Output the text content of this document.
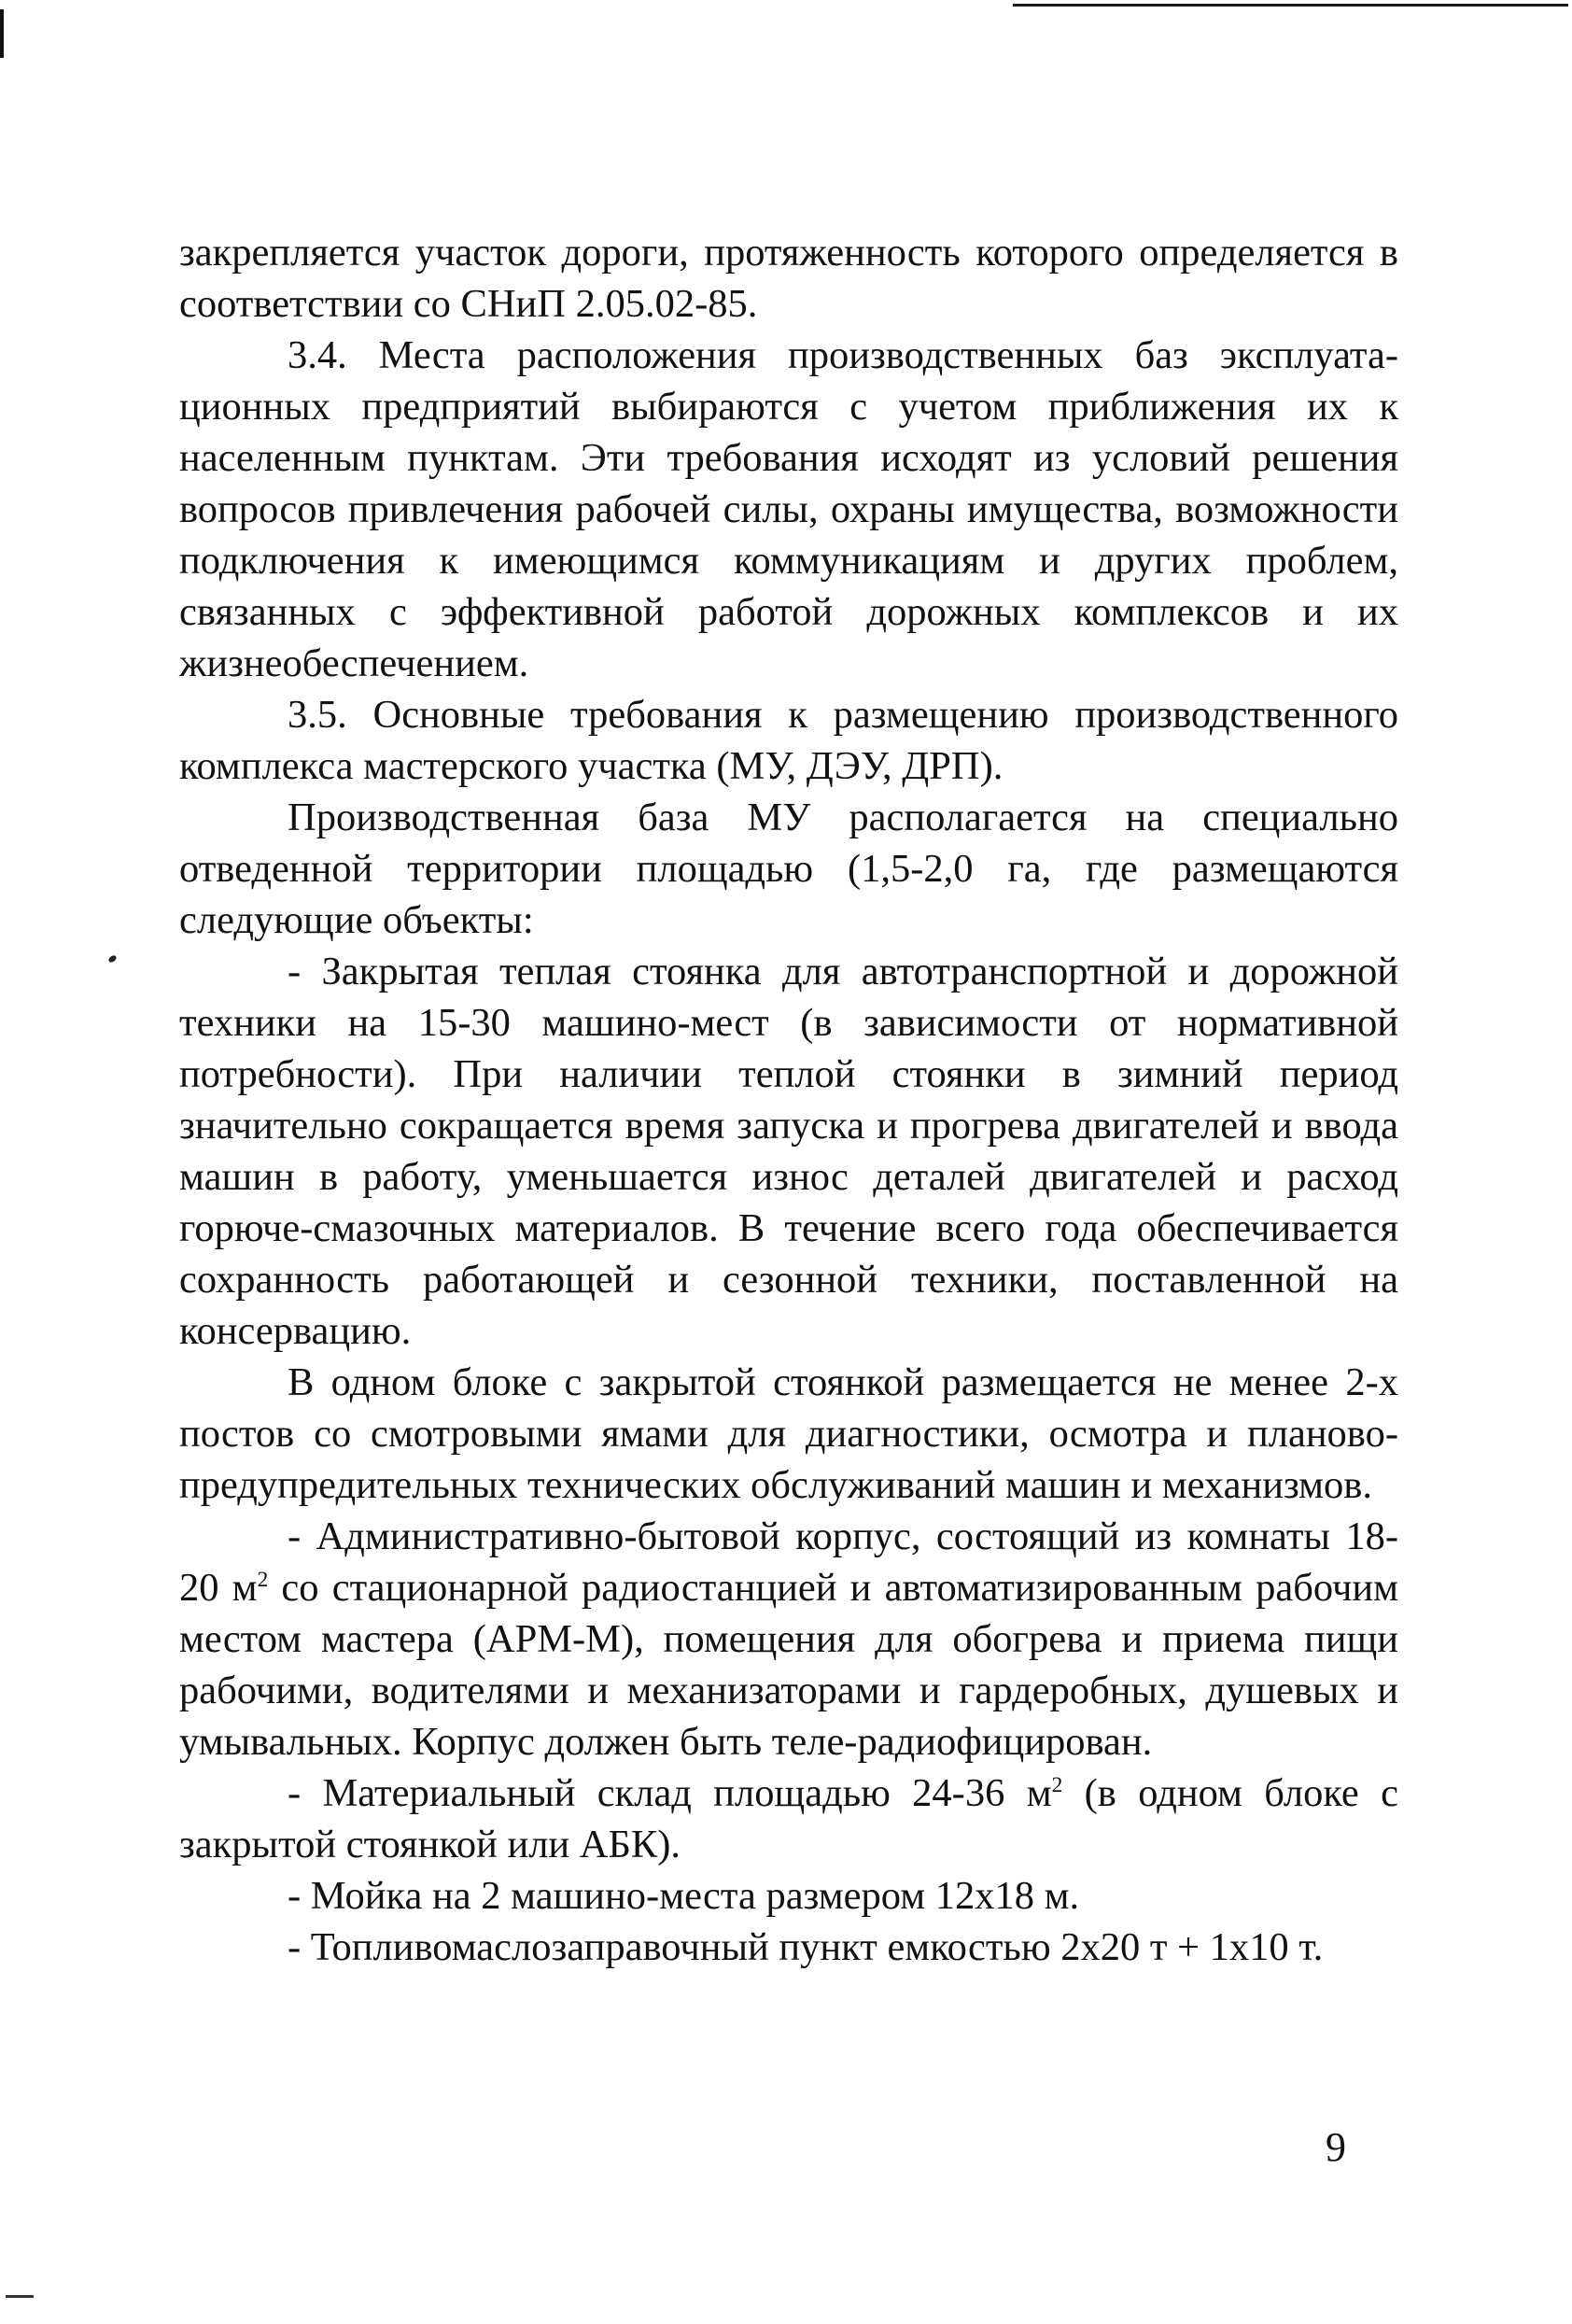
закрепляется участок дороги, протяженность которого определяется в соответствии со СНиП 2.05.02-85.

3.4. Места расположения производственных баз эксплуатационных предприятий выбираются с учетом приближения их к населенным пунктам. Эти требования исходят из условий решения вопросов привлечения рабочей силы, охраны имущества, возможности подключения к имеющимся коммуникациям и других проблем, связанных с эффективной работой дорожных комплексов и их жизнеобеспечением.

3.5. Основные требования к размещению производственного комплекса мастерского участка (МУ, ДЭУ, ДРП).

Производственная база МУ располагается на специально отведенной территории площадью (1,5-2,0 га, где размещаются следующие объекты:

- Закрытая теплая стоянка для автотранспортной и дорожной техники на 15-30 машино-мест (в зависимости от нормативной потребности). При наличии теплой стоянки в зимний период значительно сокращается время запуска и прогрева двигателей и ввода машин в работу, уменьшается износ деталей двигателей и расход горюче-смазочных материалов. В течение всего года обеспечивается сохранность работающей и сезонной техники, поставленной на консервацию.

В одном блоке с закрытой стоянкой размещается не менее 2-х постов со смотровыми ямами для диагностики, осмотра и планово-предупредительных технических обслуживаний машин и механизмов.

- Административно-бытовой корпус, состоящий из комнаты 18-20 $м^2$ со стационарной радиостанцией и автоматизированным рабочим местом мастера (АРМ-М), помещения для обогрева и приема пищи рабочими, водителями и механизаторами и гардеробных, душевых и умывальных. Корпус должен быть теле-радиофицирован.

- Материальный склад площадью 24-36 $м^2$ (в одном блоке с закрытой стоянкой или АБК).

- Мойка на 2 машино-места размером 12x18 м.

- Топливомаслозаправочный пункт емкостью 2x20 т + 1x10 т.

9
